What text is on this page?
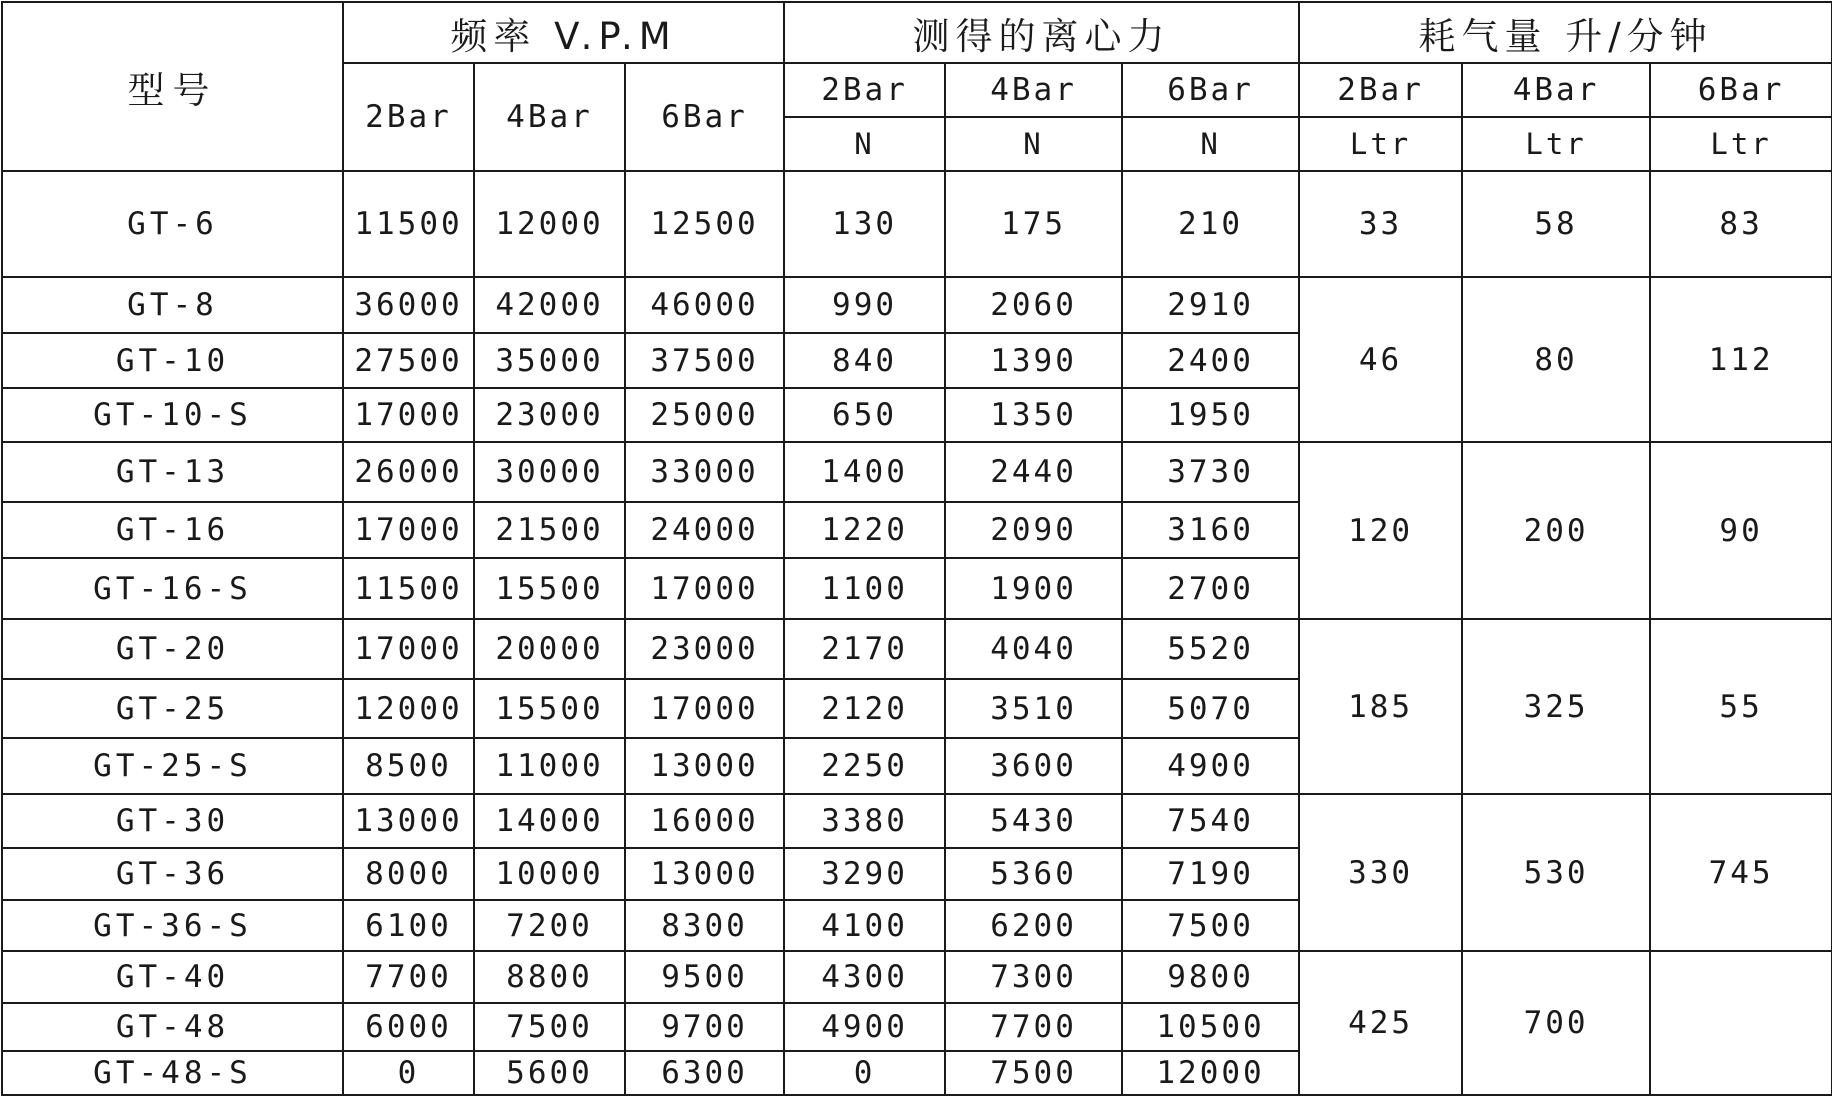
型号	频率 V.P.M			测得的离心力			耗气量 升/分钟		
	2Bar	4Bar	6Bar	2Bar	4Bar	6Bar	2Bar	4Bar	6Bar
				N	N	N	Ltr	Ltr	Ltr
GT-6	11500	12000	12500	130	175	210	33	58	83
GT-8	36000	42000	46000	990	2060	2910	46	80	112
GT-10	27500	35000	37500	840	1390	2400			
GT-10-S	17000	23000	25000	650	1350	1950			
GT-13	26000	30000	33000	1400	2440	3730	120	200	90
GT-16	17000	21500	24000	1220	2090	3160			
GT-16-S	11500	15500	17000	1100	1900	2700			
GT-20	17000	20000	23000	2170	4040	5520	185	325	55
GT-25	12000	15500	17000	2120	3510	5070			
GT-25-S	8500	11000	13000	2250	3600	4900			
GT-30	13000	14000	16000	3380	5430	7540	330	530	745
GT-36	8000	10000	13000	3290	5360	7190			
GT-36-S	6100	7200	8300	4100	6200	7500			
GT-40	7700	8800	9500	4300	7300	9800	425	700	
GT-48	6000	7500	9700	4900	7700	10500			
GT-48-S	0	5600	6300	0	7500	12000			
